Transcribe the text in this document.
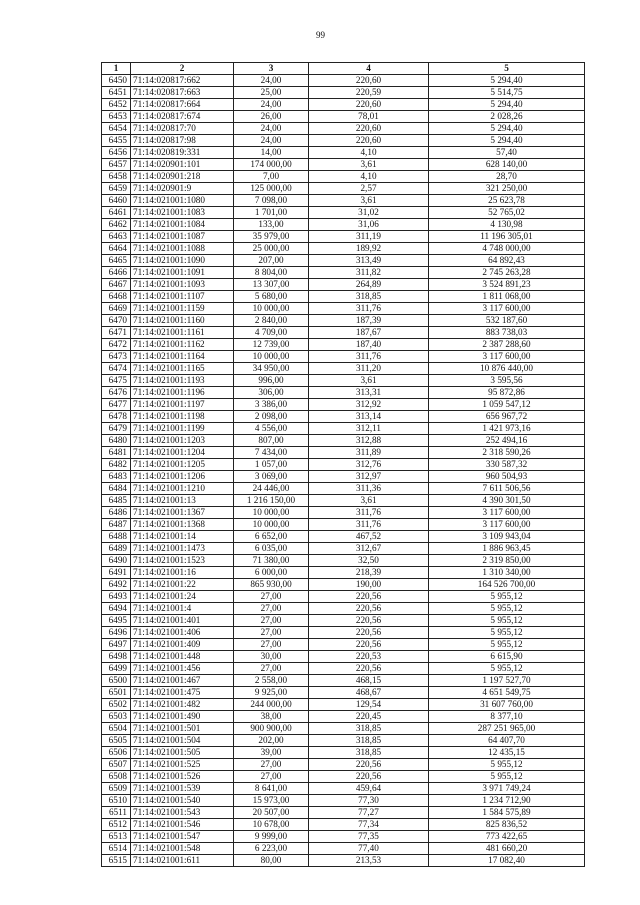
99
1	2	3	4	5
6450	71:14:020817:662	24,00	220,60	5 294,40
6451	71:14:020817:663	25,00	220,59	5 514,75
6452	71:14:020817:664	24,00	220,60	5 294,40
6453	71:14:020817:674	26,00	78,01	2 028,26
6454	71:14:020817:70	24,00	220,60	5 294,40
6455	71:14:020817:98	24,00	220,60	5 294,40
6456	71:14:020819:331	14,00	4,10	57,40
6457	71:14:020901:101	174 000,00	3,61	628 140,00
6458	71:14:020901:218	7,00	4,10	28,70
6459	71:14:020901:9	125 000,00	2,57	321 250,00
6460	71:14:021001:1080	7 098,00	3,61	25 623,78
6461	71:14:021001:1083	1 701,00	31,02	52 765,02
6462	71:14:021001:1084	133,00	31,06	4 130,98
6463	71:14:021001:1087	35 979,00	311,19	11 196 305,01
6464	71:14:021001:1088	25 000,00	189,92	4 748 000,00
6465	71:14:021001:1090	207,00	313,49	64 892,43
6466	71:14:021001:1091	8 804,00	311,82	2 745 263,28
6467	71:14:021001:1093	13 307,00	264,89	3 524 891,23
6468	71:14:021001:1107	5 680,00	318,85	1 811 068,00
6469	71:14:021001:1159	10 000,00	311,76	3 117 600,00
6470	71:14:021001:1160	2 840,00	187,39	532 187,60
6471	71:14:021001:1161	4 709,00	187,67	883 738,03
6472	71:14:021001:1162	12 739,00	187,40	2 387 288,60
6473	71:14:021001:1164	10 000,00	311,76	3 117 600,00
6474	71:14:021001:1165	34 950,00	311,20	10 876 440,00
6475	71:14:021001:1193	996,00	3,61	3 595,56
6476	71:14:021001:1196	306,00	313,31	95 872,86
6477	71:14:021001:1197	3 386,00	312,92	1 059 547,12
6478	71:14:021001:1198	2 098,00	313,14	656 967,72
6479	71:14:021001:1199	4 556,00	312,11	1 421 973,16
6480	71:14:021001:1203	807,00	312,88	252 494,16
6481	71:14:021001:1204	7 434,00	311,89	2 318 590,26
6482	71:14:021001:1205	1 057,00	312,76	330 587,32
6483	71:14:021001:1206	3 069,00	312,97	960 504,93
6484	71:14:021001:1210	24 446,00	311,36	7 611 506,56
6485	71:14:021001:13	1 216 150,00	3,61	4 390 301,50
6486	71:14:021001:1367	10 000,00	311,76	3 117 600,00
6487	71:14:021001:1368	10 000,00	311,76	3 117 600,00
6488	71:14:021001:14	6 652,00	467,52	3 109 943,04
6489	71:14:021001:1473	6 035,00	312,67	1 886 963,45
6490	71:14:021001:1523	71 380,00	32,50	2 319 850,00
6491	71:14:021001:16	6 000,00	218,39	1 310 340,00
6492	71:14:021001:22	865 930,00	190,00	164 526 700,00
6493	71:14:021001:24	27,00	220,56	5 955,12
6494	71:14:021001:4	27,00	220,56	5 955,12
6495	71:14:021001:401	27,00	220,56	5 955,12
6496	71:14:021001:406	27,00	220,56	5 955,12
6497	71:14:021001:409	27,00	220,56	5 955,12
6498	71:14:021001:448	30,00	220,53	6 615,90
6499	71:14:021001:456	27,00	220,56	5 955,12
6500	71:14:021001:467	2 558,00	468,15	1 197 527,70
6501	71:14:021001:475	9 925,00	468,67	4 651 549,75
6502	71:14:021001:482	244 000,00	129,54	31 607 760,00
6503	71:14:021001:490	38,00	220,45	8 377,10
6504	71:14:021001:501	900 900,00	318,85	287 251 965,00
6505	71:14:021001:504	202,00	318,85	64 407,70
6506	71:14:021001:505	39,00	318,85	12 435,15
6507	71:14:021001:525	27,00	220,56	5 955,12
6508	71:14:021001:526	27,00	220,56	5 955,12
6509	71:14:021001:539	8 641,00	459,64	3 971 749,24
6510	71:14:021001:540	15 973,00	77,30	1 234 712,90
6511	71:14:021001:543	20 507,00	77,27	1 584 575,89
6512	71:14:021001:546	10 678,00	77,34	825 836,52
6513	71:14:021001:547	9 999,00	77,35	773 422,65
6514	71:14:021001:548	6 223,00	77,40	481 660,20
6515	71:14:021001:611	80,00	213,53	17 082,40
